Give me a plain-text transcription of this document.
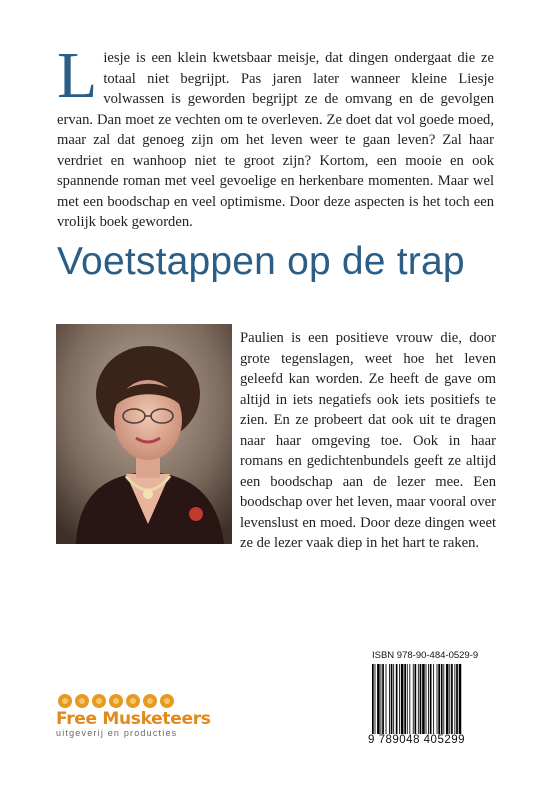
Liesje is een klein kwetsbaar meisje, dat dingen ondergaat die ze totaal niet begrijpt. Pas jaren later wanneer kleine Liesje volwassen is geworden begrijpt ze de omvang en de gevolgen ervan. Dan moet ze vechten om te overleven. Ze doet dat vol goede moed, maar zal dat genoeg zijn om het leven weer te gaan leven? Zal haar verdriet en wanhoop niet te groot zijn? Kortom, een mooie en ook spannende roman met veel gevoelige en herkenbare momenten. Maar wel met een boodschap en veel optimisme. Door deze aspecten is het toch een vrolijk boek geworden.
Voetstappen op de trap
Paulien is een positieve vrouw die, door grote tegenslagen, weet hoe het leven geleefd kan worden. Ze heeft de gave om altijd in iets negatiefs ook iets positiefs te zien. En ze probeert dat ook uit te dragen naar haar omgeving toe. Ook in haar romans en gedichtenbundels geeft ze altijd een boodschap aan de lezer mee. Een boodschap over het leven, maar vooral over levenslust en moed. Door deze dingen weet ze de lezer vaak diep in het hart te raken.
ISBN 978-90-484-0529-9
9 789048 405299
Free Musketeers
uitgeverij en producties
